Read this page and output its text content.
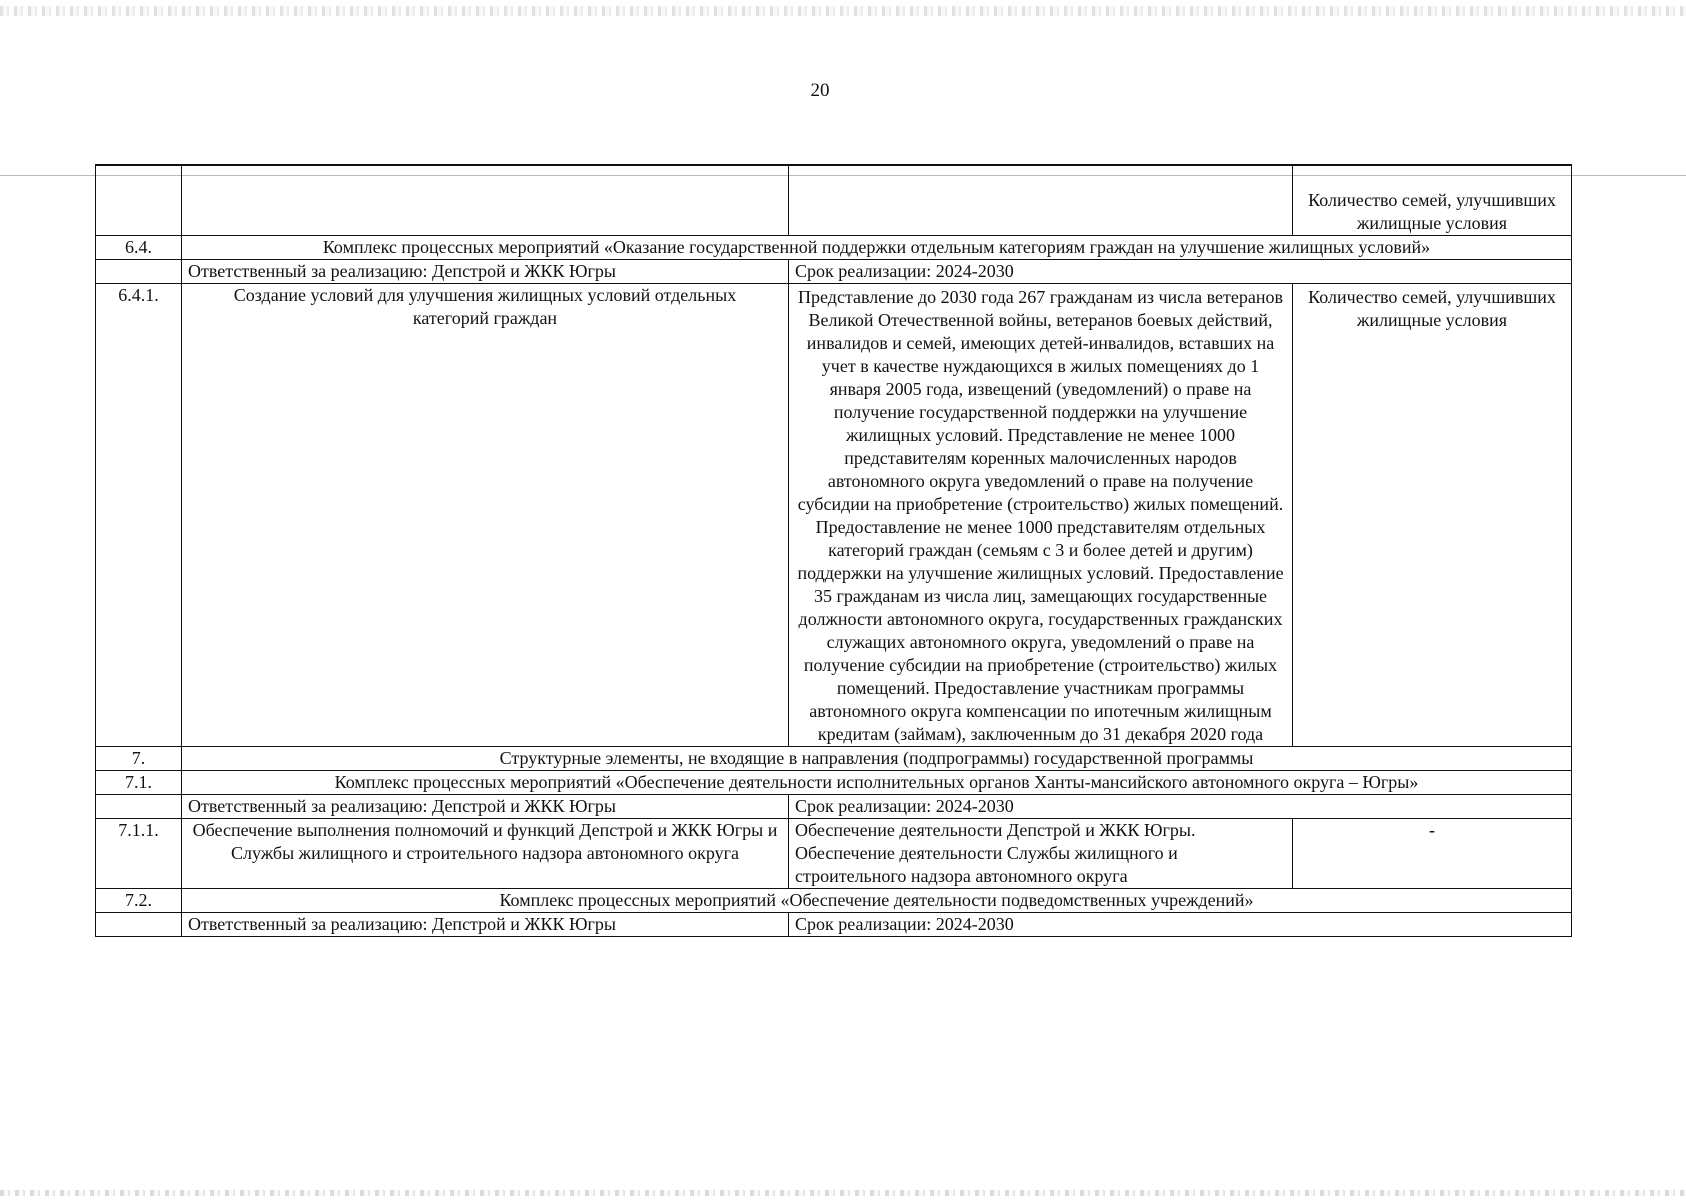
20
			Количество семей, улучшивших жилищные условия
6.4.	Комплекс процессных мероприятий «Оказание государственной поддержки отдельным категориям граждан на улучшение жилищных условий»		
	Ответственный за реализацию: Депстрой и ЖКК Югры	Срок реализации: 2024-2030	
6.4.1.	Создание условий для улучшения жилищных условий отдельных категорий граждан	Представление до 2030 года 267 гражданам из числа ветеранов Великой Отечественной войны, ветеранов боевых действий, инвалидов и семей, имеющих детей-инвалидов, вставших на учет в качестве нуждающихся в жилых помещениях до 1 января 2005 года, извещений (уведомлений) о праве на получение государственной поддержки на улучшение жилищных условий. Представление не менее 1000 представителям коренных малочисленных народов автономного округа уведомлений о праве на получение субсидии на приобретение (строительство) жилых помещений. Предоставление не менее 1000 представителям отдельных категорий граждан (семьям с 3 и более детей и другим) поддержки на улучшение жилищных условий. Предоставление 35 гражданам из числа лиц, замещающих государственные должности автономного округа, государственных гражданских служащих автономного округа, уведомлений о праве на получение субсидии на приобретение (строительство) жилых помещений. Предоставление участникам программы автономного округа компенсации по ипотечным жилищным кредитам (займам), заключенным до 31 декабря 2020 года	Количество семей, улучшивших жилищные условия
7.	Структурные элементы, не входящие в направления (подпрограммы) государственной программы		
7.1.	Комплекс процессных мероприятий «Обеспечение деятельности исполнительных органов Ханты-мансийского автономного округа – Югры»		
	Ответственный за реализацию: Депстрой и ЖКК Югры	Срок реализации: 2024-2030	
7.1.1.	Обеспечение выполнения полномочий и функций Депстрой и ЖКК Югры и Службы жилищного и строительного надзора автономного округа	Обеспечение деятельности Депстрой и ЖКК Югры. Обеспечение деятельности Службы жилищного и строительного надзора автономного округа	-
7.2.	Комплекс процессных мероприятий «Обеспечение деятельности подведомственных учреждений»		
	Ответственный за реализацию: Депстрой и ЖКК Югры	Срок реализации: 2024-2030	
